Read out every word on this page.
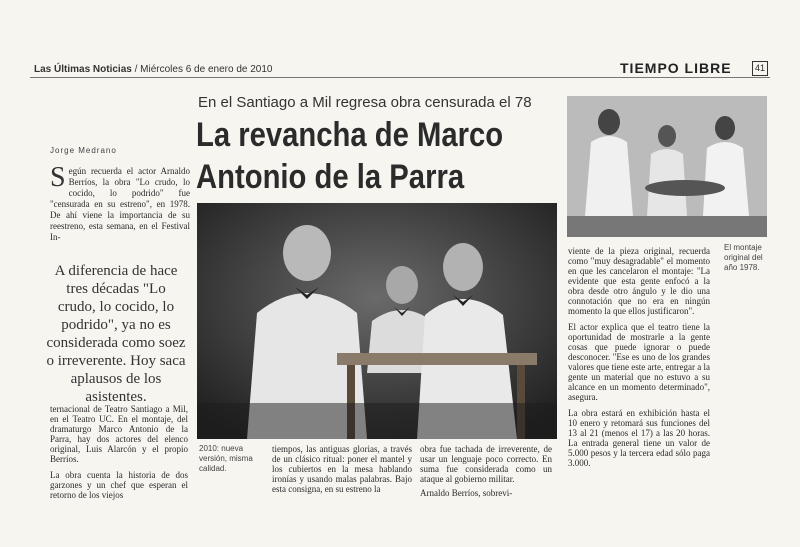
Las Últimas Noticias / Miércoles 6 de enero de 2010	TIEMPO LIBRE	41
En el Santiago a Mil regresa obra censurada el 78
La revancha de Marco Antonio de la Parra
Jorge Medrano
S egún recuerda el actor Arnaldo Berríos, la obra "Lo crudo, lo cocido, lo podrido" fue "censurada en su estreno", en 1978. De ahí viene la importancia de su reestreno, esta semana, en el Festival In-
A diferencia de hace tres décadas "Lo crudo, lo cocido, lo podrido", ya no es considerada como soez o irreverente. Hoy saca aplausos de los asistentes.

ternacional de Teatro Santiago a Mil, en el Teatro UC. En el montaje, del dramaturgo Marco Antonio de la Parra, hay dos actores del elenco original, Luis Alarcón y el propio Berríos.

La obra cuenta la historia de dos garzones y un chef que esperan el retorno de los viejos

2010: nueva versión, misma calidad.
El montaje original del año 1978.

tiempos, las antiguas glorias, a través de un clásico ritual: poner el mantel y los cubiertos en la mesa hablando ironías y usando malas palabras. Bajo esta consigna, en su estreno la

obra fue tachada de irreverente, de usar un lenguaje poco correcto. En suma fue considerada como un ataque al gobierno militar.

Arnaldo Berríos, sobrevi-

viente de la pieza original, recuerda como "muy desagradable" el momento en que les cancelaron el montaje: "La evidente que esta gente enfocó a la obra desde otro ángulo y le dio una connotación que no era en ningún momento la que ellos justificaron".

El actor explica que el teatro tiene la oportunidad de mostrarle a la gente cosas que puede ignorar o puede desconocer. "Ese es uno de los grandes valores que tiene este arte, entregar a la gente un material que no estuvo a su alcance en un momento determinado", asegura.

La obra estará en exhibición hasta el 10 enero y retomará sus funciones del 13 al 21 (menos el 17) a las 20 horas. La entrada general tiene un valor de 5.000 pesos y la tercera edad sólo paga 3.000.
